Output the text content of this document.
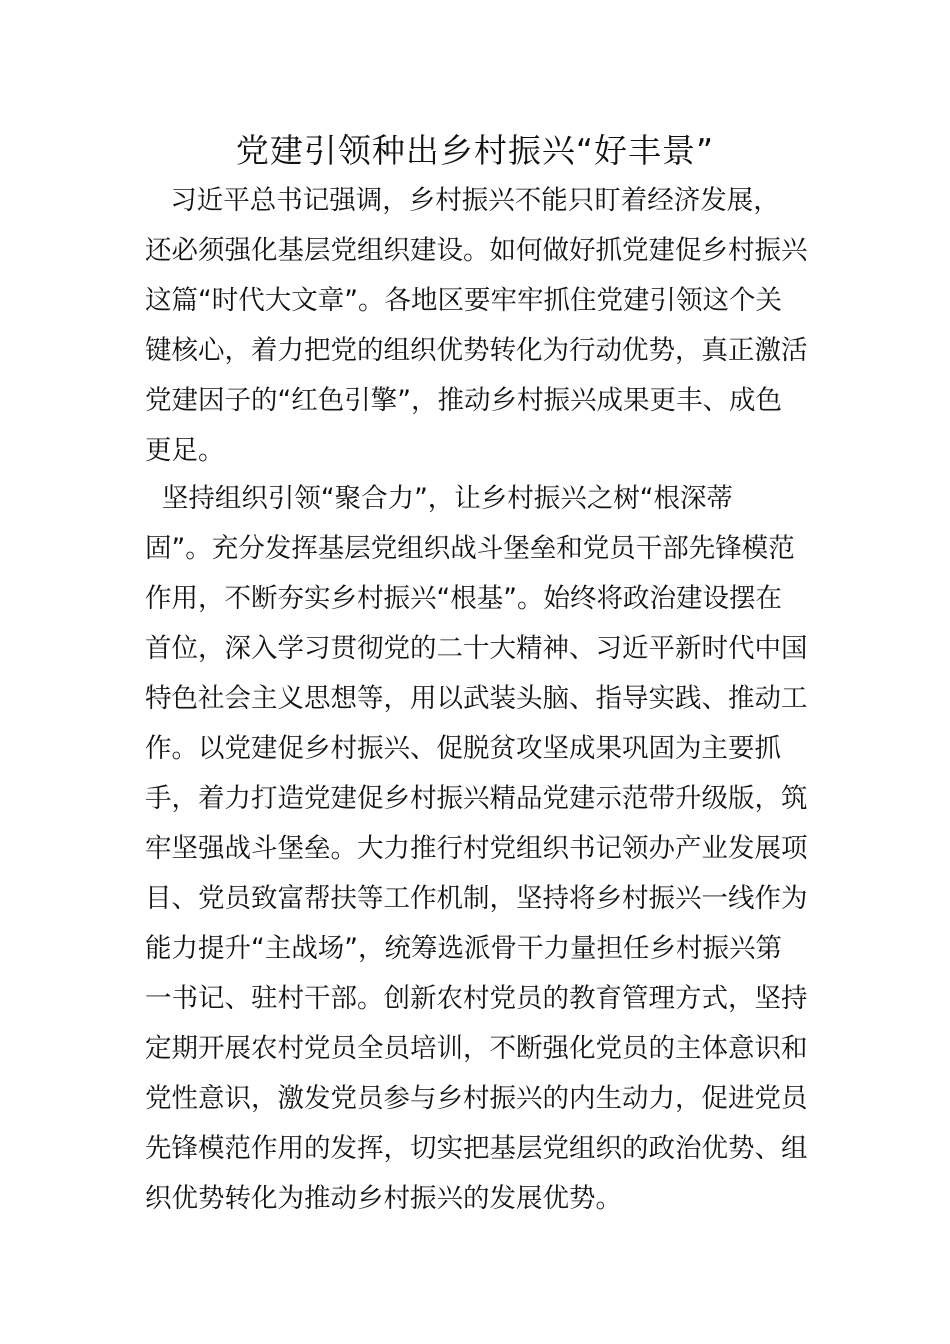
党建引领种出乡村振兴“好丰景”
习近平总书记强调，乡村振兴不能只盯着经济发展，
还必须强化基层党组织建设。如何做好抓党建促乡村振兴
这篇“时代大文章”。各地区要牢牢抓住党建引领这个关
键核心，着力把党的组织优势转化为行动优势，真正激活
党建因子的“红色引擎”，推动乡村振兴成果更丰、成色
更足。
坚持组织引领“聚合力”，让乡村振兴之树“根深蒂
固”。充分发挥基层党组织战斗堡垒和党员干部先锋模范
作用，不断夯实乡村振兴“根基”。始终将政治建设摆在
首位，深入学习贯彻党的二十大精神、习近平新时代中国
特色社会主义思想等，用以武装头脑、指导实践、推动工
作。以党建促乡村振兴、促脱贫攻坚成果巩固为主要抓
手，着力打造党建促乡村振兴精品党建示范带升级版，筑
牢坚强战斗堡垒。大力推行村党组织书记领办产业发展项
目、党员致富帮扶等工作机制，坚持将乡村振兴一线作为
能力提升“主战场”，统筹选派骨干力量担任乡村振兴第
一书记、驻村干部。创新农村党员的教育管理方式，坚持
定期开展农村党员全员培训，不断强化党员的主体意识和
党性意识，激发党员参与乡村振兴的内生动力，促进党员
先锋模范作用的发挥，切实把基层党组织的政治优势、组
织优势转化为推动乡村振兴的发展优势。
